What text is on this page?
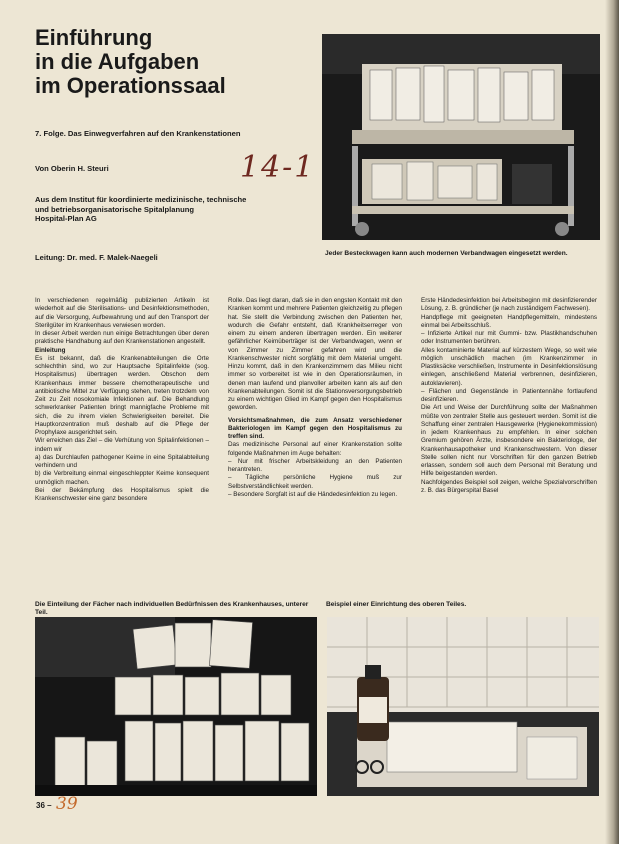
Einführung
in die Aufgaben
im Operationssaal

7. Folge. Das Einwegverfahren auf den Krankenstationen

Von Oberin H. Steuri	14-1

Aus dem Institut für koordinierte medizinische, technische
und betriebsorganisatorische Spitalplanung
Hospital-Plan AG

Leitung: Dr. med. F. Malek-Naegeli	Jeder Besteckwagen kann auch modernen Verbandwagen eingesetzt werden.

In verschiedenen regelmäßig publizierten Artikeln ist wiederholt auf die Sterilisations- und Desinfektionsmethoden, auf die Versorgung, Aufbewahrung und auf den Transport der Sterilgüter im Krankenhaus verwiesen worden.

In dieser Arbeit werden nun einige Betrachtungen über deren praktische Handhabung auf den Krankenstationen angestellt.

Einleitung

Es ist bekannt, daß die Krankenabteilungen die Orte schlechthin sind, wo zur Hauptsache Spitalinfekte (sog. Hospitalismus) übertragen werden. Obschon dem Krankenhaus immer bessere chemotherapeutische und antibiotische Mittel zur Verfügung stehen, treten trotzdem von Zeit zu Zeit nosokomiale Infektionen auf. Die Behandlung schwerkranker Patienten bringt mannigfache Probleme mit sich, die zu ihrem vielen Schwierigkeiten bereitet. Die Hauptkonzentration muß deshalb auf die Pflege der Prophylaxe ausgerichtet sein.

Wir erreichen das Ziel – die Verhütung von Spitalinfektionen – indem wir

a) das Durchlaufen pathogener Keime in eine Spitalabteilung verhindern und

b) die Verbreitung einmal eingeschleppter Keime konsequent unmöglich machen.

Bei der Bekämpfung des Hospitalismus spielt die Krankenschwester eine ganz besondere

Rolle. Das liegt daran, daß sie in den engsten Kontakt mit den Kranken kommt und mehrere Patienten gleichzeitig zu pflegen hat. Sie stellt die Verbindung zwischen den Patienten her, wodurch die Gefahr entsteht, daß Krankheitserreger von einem zu einem anderen übertragen werden. Ein weiterer gefährlicher Keimüberträger ist der Verbandwagen, wenn er von Zimmer zu Zimmer gefahren wird und die Krankenschwester nicht sorgfältig mit dem Material umgeht. Hinzu kommt, daß in den Krankenzimmern das Milieu nicht immer so vorbereitet ist wie in den Operationsräumen, in denen man laufend und planvoller arbeiten kann als auf den Krankenabteilungen. Somit ist die Stationsversorgungsbetrieb zu einem wichtigen Glied im Kampf gegen den Hospitalismus geworden.

Vorsichtsmaßnahmen, die zum Ansatz verschiedener Bakteriologen im Kampf gegen den Hospitalismus zu treffen sind.

Das medizinische Personal auf einer Krankenstation sollte folgende Maßnahmen im Auge behalten:

– Nur mit frischer Arbeitskleidung an den Patienten herantreten.

– Tägliche persönliche Hygiene muß zur Selbstverständlichkeit werden.

– Besondere Sorgfalt ist auf die Händedesinfektion zu legen.

Erste Händedesinfektion bei Arbeitsbeginn mit desinfizierender Lösung, z. B. gründlicher (je nach zuständigem Fachwesen).

Handpflege mit geeigneten Handpflegemitteln, mindestens einmal bei Arbeitsschluß.

– Infizierte Artikel nur mit Gummi- bzw. Plastikhandschuhen oder Instrumenten berühren.

Alles kontaminierte Material auf kürzestem Wege, so weit wie möglich unschädlich machen (im Krankenzimmer in Plastiksäcke verschließen, Instrumente in Desinfektionslösung einlegen, anschließend Material verbrennen, desinfizieren, autoklavieren).

– Flächen und Gegenstände in Patientennähe fortlaufend desinfizieren.

Die Art und Weise der Durchführung sollte der Maßnahmen müßte von zentraler Stelle aus gesteuert werden. Somit ist die Schaffung einer zentralen Hausgewerke (Hygienekommission) in jedem Krankenhaus zu empfehlen. In einer solchen Gremium gehören Ärzte, insbesondere ein Bakteriologe, der Krankenhausapotheker und Krankenschwestern. Von dieser Stelle sollen nicht nur Vorschriften für den ganzen Betrieb erlassen, sondern soll auch dem Personal mit Beratung und Hilfe beigestanden werden.

Nachfolgendes Beispiel soll zeigen, welche Spezialvorschriften z. B. das Bürgerspital Basel

Die Einteilung der Fächer nach individuellen Bedürfnissen des Krankenhauses, unterer Teil.

Beispiel einer Einrichtung des oberen Teiles.

36 – 39
